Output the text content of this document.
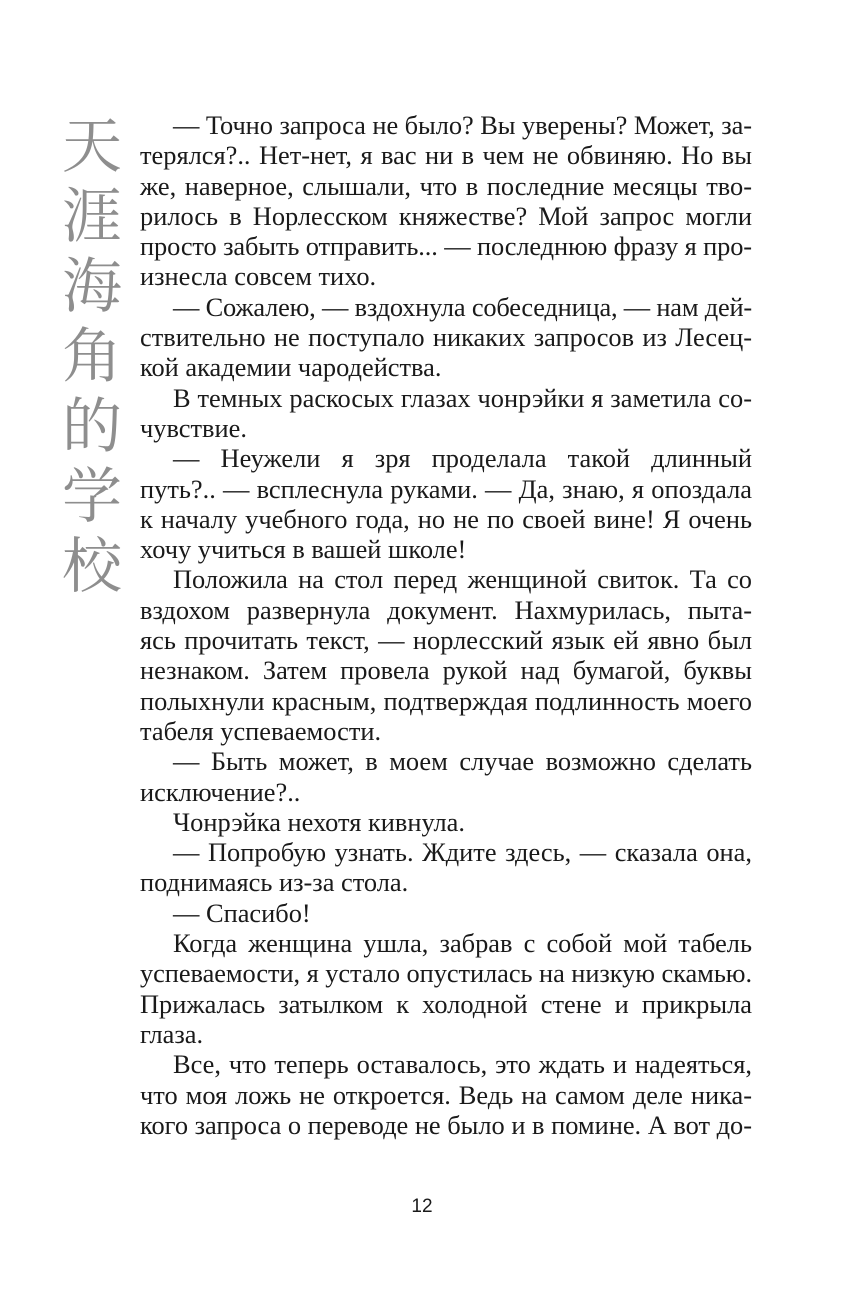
天
涯
海
角
的
学
校
— Точно запроса не было? Вы уверены? Может, за-
терялся?.. Нет-нет, я вас ни в чем не обвиняю. Но вы
же, наверное, слышали, что в последние месяцы тво-
рилось в Норлесском княжестве? Мой запрос могли
просто забыть отправить... — последнюю фразу я про-
изнесла совсем тихо.
— Сожалею, — вздохнула собеседница, — нам дей-
ствительно не поступало никаких запросов из Лесец-
кой академии чародейства.
В темных раскосых глазах чонрэйки я заметила со-
чувствие.
— Неужели я зря проделала такой длинный
путь?.. — всплеснула руками. — Да, знаю, я опоздала
к началу учебного года, но не по своей вине! Я очень
хочу учиться в вашей школе!
Положила на стол перед женщиной свиток. Та со
вздохом развернула документ. Нахмурилась, пыта-
ясь прочитать текст, — норлесский язык ей явно был
незнаком. Затем провела рукой над бумагой, буквы
полыхнули красным, подтверждая подлинность моего
табеля успеваемости.
— Быть может, в моем случае возможно сделать
исключение?..
Чонрэйка нехотя кивнула.
— Попробую узнать. Ждите здесь, — сказала она,
поднимаясь из-за стола.
— Спасибо!
Когда женщина ушла, забрав с собой мой табель
успеваемости, я устало опустилась на низкую скамью.
Прижалась затылком к холодной стене и прикрыла
глаза.
Все, что теперь оставалось, это ждать и надеяться,
что моя ложь не откроется. Ведь на самом деле ника-
кого запроса о переводе не было и в помине. А вот до-
12
